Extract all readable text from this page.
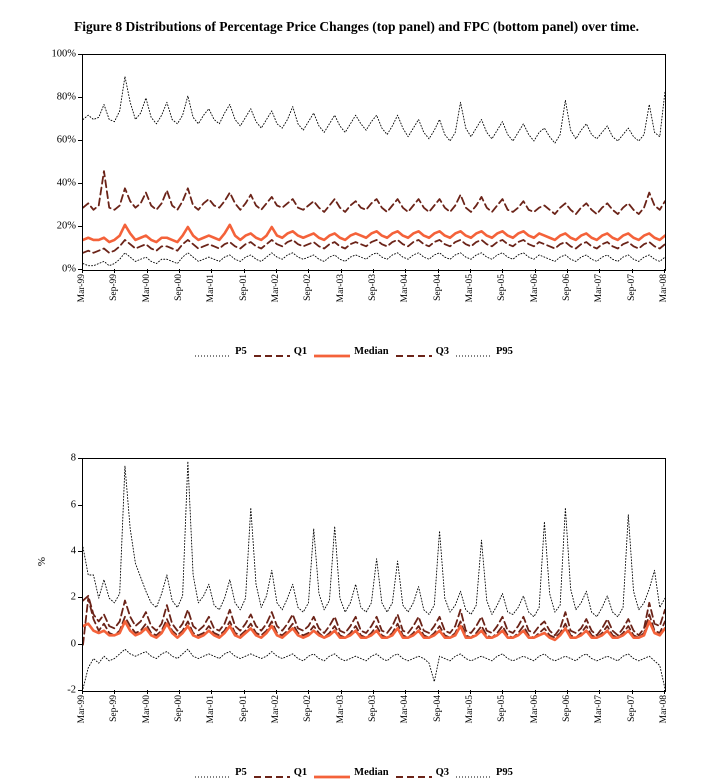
Figure 8 Distributions of Percentage Price Changes (top panel) and FPC (bottom panel) over time.
0%
20%
40%
60%
80%
100%
Mar-99 Sep-99 Mar-00 Sep-00 Mar-01 Sep-01 Mar-02 Sep-02 Mar-03 Sep-03 Mar-04 Sep-04 Mar-05 Sep-05 Mar-06 Sep-06 Mar-07 Sep-07 Mar-08
P5	Q1	Median	Q3	P95
%
-2
0
2
4
6
8
Mar-99 Sep-99 Mar-00 Sep-00 Mar-01 Sep-01 Mar-02 Sep-02 Mar-03 Sep-03 Mar-04 Sep-04 Mar-05 Sep-05 Mar-06 Sep-06 Mar-07 Sep-07 Mar-08
P5	Q1	Median	Q3	P95
